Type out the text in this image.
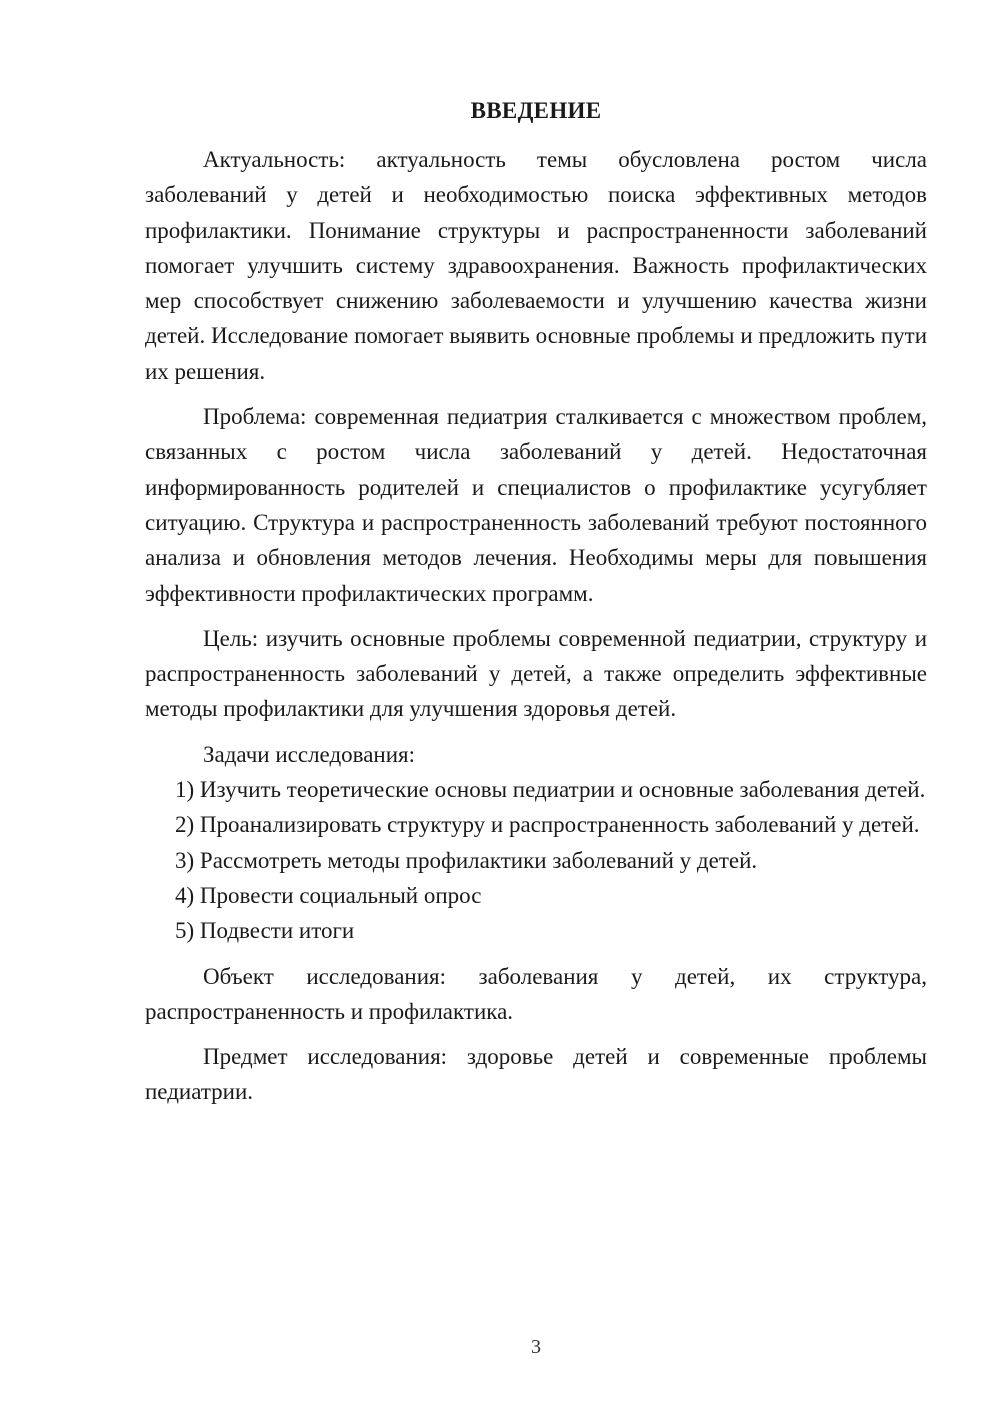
ВВЕДЕНИЕ

Актуальность: актуальность темы обусловлена ростом числа заболеваний у детей и необходимостью поиска эффективных методов профилактики. Понимание структуры и распространенности заболеваний помогает улучшить систему здравоохранения. Важность профилактических мер способствует снижению заболеваемости и улучшению качества жизни детей. Исследование помогает выявить основные проблемы и предложить пути их решения.

Проблема: современная педиатрия сталкивается с множеством проблем, связанных с ростом числа заболеваний у детей. Недостаточная информированность родителей и специалистов о профилактике усугубляет ситуацию. Структура и распространенность заболеваний требуют постоянного анализа и обновления методов лечения. Необходимы меры для повышения эффективности профилактических программ.

Цель: изучить основные проблемы современной педиатрии, структуру и распространенность заболеваний у детей, а также определить эффективные методы профилактики для улучшения здоровья детей.

Задачи исследования:

1) Изучить теоретические основы педиатрии и основные заболевания детей.

2) Проанализировать структуру и распространенность заболеваний у детей.

3) Рассмотреть методы профилактики заболеваний у детей.

4) Провести социальный опрос

5) Подвести итоги

Объект исследования: заболевания у детей, их структура, распространенность и профилактика.

Предмет исследования: здоровье детей и современные проблемы педиатрии.

3
